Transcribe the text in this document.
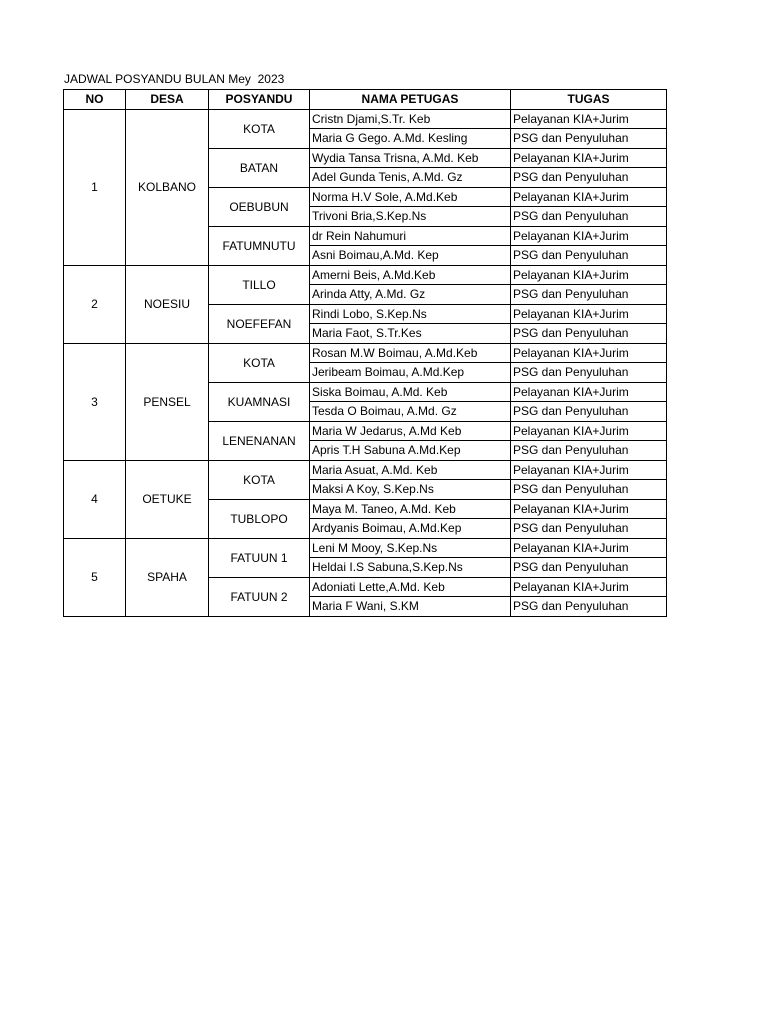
JADWAL POSYANDU BULAN Mey  2023
NO	DESA	POSYANDU	NAMA PETUGAS	TUGAS
1	KOLBANO	KOTA	Cristn Djami,S.Tr. Keb	Pelayanan KIA+Jurim
			Maria G Gego. A.Md. Kesling	PSG dan Penyuluhan
		BATAN	Wydia Tansa Trisna, A.Md. Keb	Pelayanan KIA+Jurim
			Adel Gunda Tenis, A.Md. Gz	PSG dan Penyuluhan
		OEBUBUN	Norma H.V Sole, A.Md.Keb	Pelayanan KIA+Jurim
			Trivoni Bria,S.Kep.Ns	PSG dan Penyuluhan
		FATUMNUTU	dr Rein Nahumuri	Pelayanan KIA+Jurim
			Asni Boimau,A.Md. Kep	PSG dan Penyuluhan
2	NOESIU	TILLO	Amerni Beis, A.Md.Keb	Pelayanan KIA+Jurim
			Arinda Atty, A.Md. Gz	PSG dan Penyuluhan
		NOEFEFAN	Rindi Lobo, S.Kep.Ns	Pelayanan KIA+Jurim
			Maria Faot, S.Tr.Kes	PSG dan Penyuluhan
3	PENSEL	KOTA	Rosan M.W Boimau, A.Md.Keb	Pelayanan KIA+Jurim
			Jeribeam Boimau, A.Md.Kep	PSG dan Penyuluhan
		KUAMNASI	Siska Boimau, A.Md. Keb	Pelayanan KIA+Jurim
			Tesda O Boimau, A.Md. Gz	PSG dan Penyuluhan
		LENENANAN	Maria W Jedarus, A.Md Keb	Pelayanan KIA+Jurim
			Apris T.H Sabuna A.Md.Kep	PSG dan Penyuluhan
4	OETUKE	KOTA	Maria Asuat, A.Md. Keb	Pelayanan KIA+Jurim
			Maksi A Koy, S.Kep.Ns	PSG dan Penyuluhan
		TUBLOPO	Maya M. Taneo, A.Md. Keb	Pelayanan KIA+Jurim
			Ardyanis Boimau, A.Md.Kep	PSG dan Penyuluhan
5	SPAHA	FATUUN 1	Leni M Mooy, S.Kep.Ns	Pelayanan KIA+Jurim
			Heldai I.S Sabuna,S.Kep.Ns	PSG dan Penyuluhan
		FATUUN 2	Adoniati Lette,A.Md. Keb	Pelayanan KIA+Jurim
			Maria F Wani, S.KM	PSG dan Penyuluhan
